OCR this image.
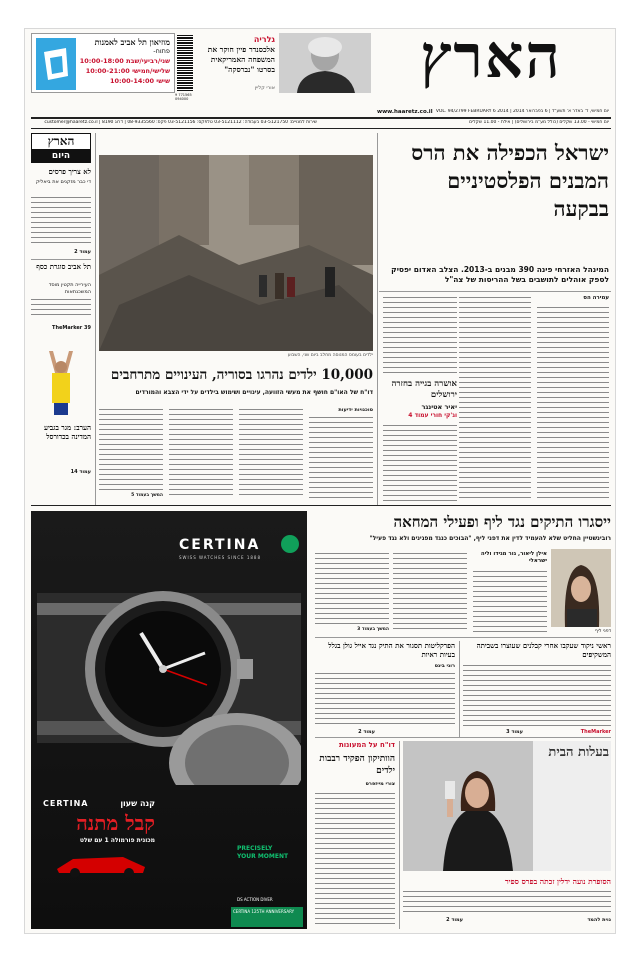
מוזיאון תל אביב לאמנות
פתוח-
שני/רביעי/שבת 10:00-18:00
שלישי/חמישי 10:00-21:00
שישי 10:00-14:00
9 771565 094000
גלריה
אלכסנדר פיין חוקר את המשפחה האמריקאית בסרטו "נברסקה"
אורי קליין	הארץ
www.haaretz.co.il יום חמישי, ד' באדר א' תשע"ד | 6 בפברואר 2014 | VOL. 94/2799 FEBRUARY 6 2014
יום חמישי - 13.00 שקלים (כולל מע"מ בירושלים) | אילת - 11.00 שקלים
שירות למנויים: 03-5121750 בעבודה: 03-5121112 טלפקס: 03-5121156 פקס: 08-9335560 | דרוג 8190 | customer@haaretz.co.il
ישראל הכפילה את הרס המבנים הפלסטיניים בבקעה
המינהל האזרחי פינה 390 מבנים ב-2013. הצלב האדום יפסיק לספק אוהלים לתושבים בשל ההריסות של צה"ל
עמירה הס
אושרה בגייה בחזרה ירושלים
יאיר אטינגר
וג'קי חורי עמוד 4
הארץ
היום
לא צריך פרסים
די כבר מזקנים את ביאליק
עמוד 2
תל אביב סוגרת כסף
העירייה תקטין מוסד המשכנתאות
39 TheMarker
הערב: מגר בגביע המדינה בכדורסל
עמוד 14
ילדים בעומס המנוסה מחלב ביום שני, השבוע
10,000 ילדים נהרגו בסוריה, העינויים מתרחבים
דו"ח של האו"ם חושף את מעשי הזוועה, עינויים ושימוש בילדים על ידי הצבא והמורדים
סוכנויות ידיעות
המשך בעמוד 5
CERTINA
SWISS WATCHES SINCE 1888
DS ACTION DIVER
PRECISELY
YOUR MOMENT
CERTINA	קנה שעון
קבל מתנה
מכונית פורמולה 1 עם שלט
CERTINA 125TH ANNIVERSARY
ייסגרו התיקים נגד ליף ופעילי המחאה
רובינשטיין החליט שלא להעמיד לדין את דפני ליף, "הבוכים כנגד מפגינים ולא נגד פעיל"
דפני ליף
אילן ליאור, גור מגידו וליה ישראלי
המשך בעמוד 3
ראשי ניקוד שעקבו אחרי קבלנים שעוצרו בשביתה המשקיפים
TheMarker
עמוד 3
הפרקליטות תסגור את התיק נגד אייל גולן בגלל בעיות ראיות
רוני ביגס
עמוד 2
דו"ח על המעונות
הוותיקון הפקיד רבבות ילדים
צורי מייזפרס
בעלות הבית
הסופרת נועה ידלין זכתה בפרס ספיר
נוית להמד
עמוד 2
